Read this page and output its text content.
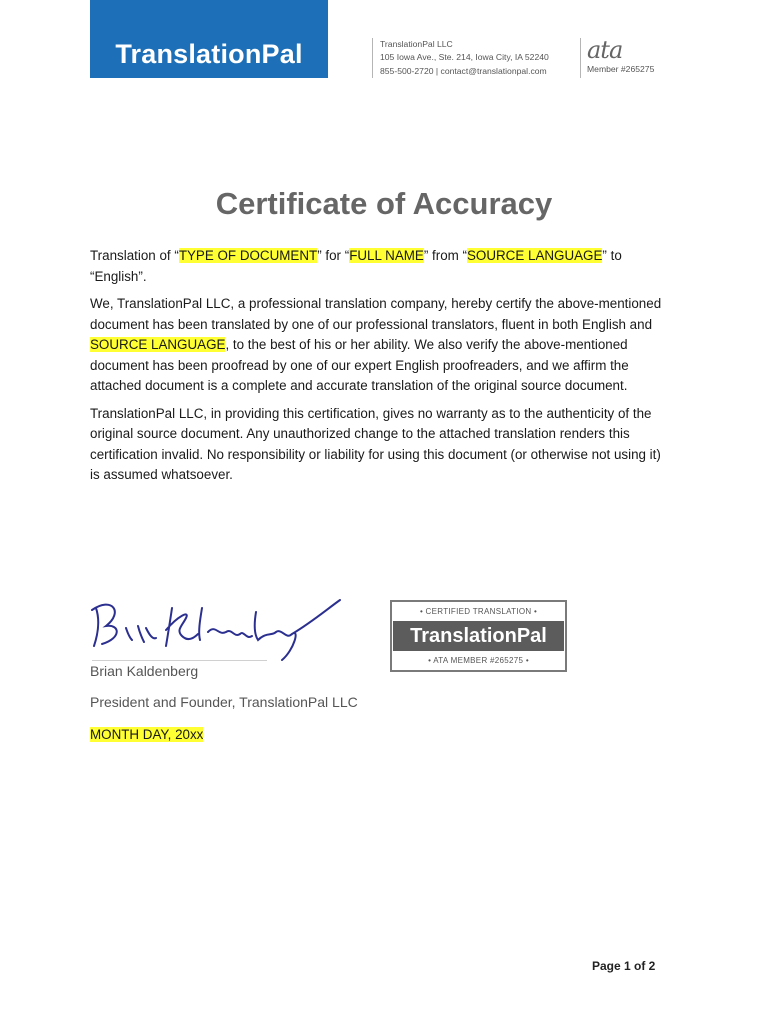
TranslationPal	TranslationPal LLC
105 Iowa Ave., Ste. 214, Iowa City, IA 52240
855-500-2720 | contact@translationpal.com
ata
Member #265275
Certificate of Accuracy

Translation of “TYPE OF DOCUMENT” for “FULL NAME” from “SOURCE LANGUAGE” to “English”.

We, TranslationPal LLC, a professional translation company, hereby certify the above-mentioned document has been translated by one of our professional translators, fluent in both English and SOURCE LANGUAGE, to the best of his or her ability. We also verify the above-mentioned document has been proofread by one of our expert English proofreaders, and we affirm the attached document is a complete and accurate translation of the original source document.

TranslationPal LLC, in providing this certification, gives no warranty as to the authenticity of the original source document. Any unauthorized change to the attached translation renders this certification invalid. No responsibility or liability for using this document (or otherwise not using it) is assumed whatsoever.

Brian Kaldenberg
President and Founder, TranslationPal LLC
MONTH DAY, 20xx
• CERTIFIED TRANSLATION •
TranslationPal
• ATA MEMBER #265275 •
Page 1 of 2
